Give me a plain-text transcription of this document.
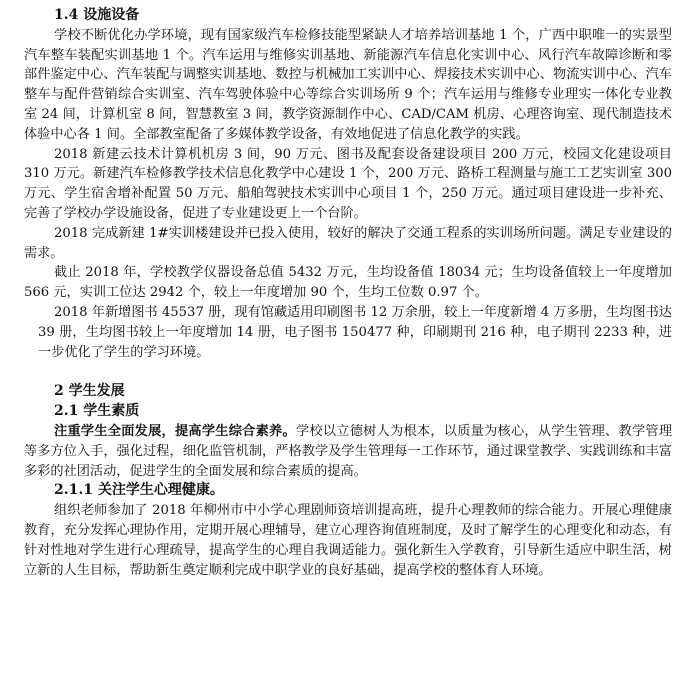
1.4 设施设备

学校不断优化办学环境，现有国家级汽车检修技能型紧缺人才培养培训基地 1 个，广西中职唯一的实景型汽车整车装配实训基地 1 个。汽车运用与维修实训基地、新能源汽车信息化实训中心、风行汽车故障诊断和零部件鉴定中心、汽车装配与调整实训基地、数控与机械加工实训中心、焊接技术实训中心、物流实训中心、汽车整车与配件营销综合实训室、汽车驾驶体验中心等综合实训场所 9 个；汽车运用与维修专业理实一体化专业教室 24 间，计算机室 8 间，智慧教室 3 间，教学资源制作中心、CAD/CAM 机房、心理咨询室、现代制造技术体验中心各 1 间。全部教室配备了多媒体教学设备，有效地促进了信息化教学的实践。

2018 新建云技术计算机机房 3 间，90 万元、图书及配套设备建设项目 200 万元，校园文化建设项目 310 万元。新建汽车检修教学技术信息化教学中心建设 1 个，200 万元、路桥工程测量与施工工艺实训室 300 万元、学生宿舍增补配置 50 万元、船舶驾驶技术实训中心项目 1 个，250 万元。通过项目建设进一步补充、完善了学校办学设施设备，促进了专业建设更上一个台阶。

2018 完成新建 1#实训楼建设并已投入使用，较好的解决了交通工程系的实训场所问题。满足专业建设的需求。

截止 2018 年，学校教学仪器设备总值 5432 万元，生均设备值 18034 元；生均设备值较上一年度增加 566 元，实训工位达 2942 个，较上一年度增加 90 个，生均工位数 0.97 个。

2018 年新增图书 45537 册，现有馆藏适用印刷图书 12 万余册，较上一年度新增 4 万多册，生均图书达 39 册，生均图书较上一年度增加 14 册，电子图书 150477 种，印刷期刊 216 种，电子期刊 2233 种，进一步优化了学生的学习环境。

2 学生发展
2.1 学生素质

注重学生全面发展，提高学生综合素养。学校以立德树人为根本，以质量为核心，从学生管理、教学管理等多方位入手，强化过程，细化监管机制，严格教学及学生管理每一工作环节，通过课堂教学、实践训练和丰富多彩的社团活动，促进学生的全面发展和综合素质的提高。

2.1.1 关注学生心理健康。

组织老师参加了 2018 年柳州市中小学心理剧师资培训提高班，提升心理教师的综合能力。开展心理健康教育，充分发挥心理协作用，定期开展心理辅导，建立心理咨询值班制度，及时了解学生的心理变化和动态，有针对性地对学生进行心理疏导，提高学生的心理自我调适能力。强化新生入学教育，引导新生适应中职生活，树立新的人生目标，帮助新生奠定顺利完成中职学业的良好基础，提高学校的整体育人环境。
